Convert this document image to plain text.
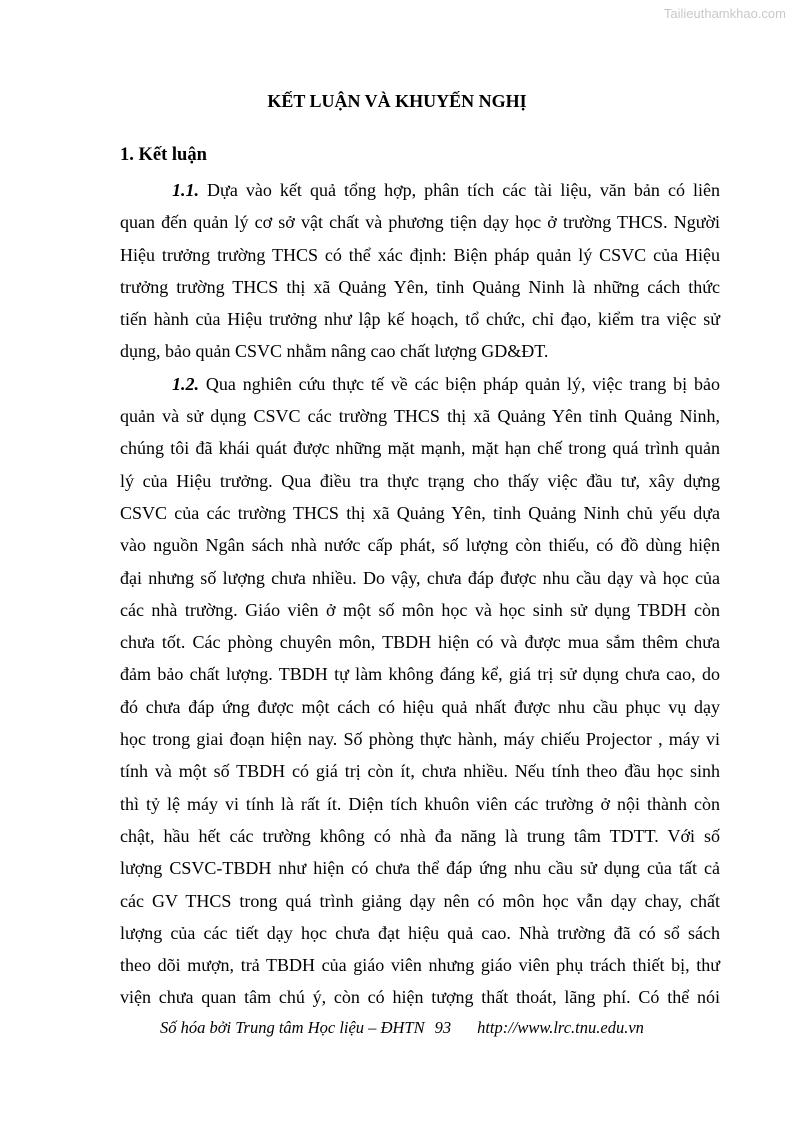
Tailieuthamkhao.com
KẾT LUẬN VÀ KHUYẾN NGHỊ
1. Kết luận
1.1. Dựa vào kết quả tổng hợp, phân tích các tài liệu, văn bản có liên
quan đến quản lý cơ sở vật chất và phương tiện dạy học ở trường THCS. Người
Hiệu trưởng trường THCS có thể xác định: Biện pháp quản lý CSVC của Hiệu
trưởng trường THCS thị xã Quảng Yên, tỉnh Quảng Ninh là những cách thức
tiến hành của Hiệu trưởng như lập kế hoạch, tổ chức, chỉ đạo, kiểm tra việc sử
dụng, bảo quản CSVC nhằm nâng cao chất lượng GD&ĐT.
1.2. Qua nghiên cứu thực tế về các biện pháp quản lý, việc trang bị bảo
quản và sử dụng CSVC các trường THCS thị xã Quảng Yên tỉnh Quảng Ninh,
chúng tôi đã khái quát được những mặt mạnh, mặt hạn chế trong quá trình quản
lý của Hiệu trưởng. Qua điều tra thực trạng cho thấy việc đầu tư, xây dựng
CSVC của các trường THCS thị xã Quảng Yên, tỉnh Quảng Ninh chủ yếu dựa
vào nguồn Ngân sách nhà nước cấp phát, số lượng còn thiếu, có đồ dùng hiện
đại nhưng số lượng chưa nhiều. Do vậy, chưa đáp được nhu cầu dạy và học của
các nhà trường. Giáo viên ở một số môn học và học sinh sử dụng TBDH còn
chưa tốt. Các phòng chuyên môn, TBDH hiện có và được mua sắm thêm chưa
đảm bảo chất lượng. TBDH tự làm không đáng kể, giá trị sử dụng chưa cao, do
đó chưa đáp ứng được một cách có hiệu quả nhất được nhu cầu phục vụ dạy
học trong giai đoạn hiện nay. Số phòng thực hành, máy chiếu Projector , máy vi
tính và một số TBDH có giá trị còn ít, chưa nhiều. Nếu tính theo đầu học sinh
thì tỷ lệ máy vi tính là rất ít. Diện tích khuôn viên các trường ở nội thành còn
chật, hầu hết các trường không có nhà đa năng là trung tâm TDTT. Với số
lượng CSVC-TBDH như hiện có chưa thể đáp ứng nhu cầu sử dụng của tất cả
các GV THCS trong quá trình giảng dạy nên có môn học vẫn dạy chay, chất
lượng của các tiết dạy học chưa đạt hiệu quả cao. Nhà trường đã có sổ sách
theo dõi mượn, trả TBDH của giáo viên nhưng giáo viên phụ trách thiết bị, thư
viện chưa quan tâm chú ý, còn có hiện tượng thất thoát, lãng phí. Có thể nói
Số hóa bởi Trung tâm Học liệu – ĐHTN 93 http://www.lrc.tnu.edu.vn
